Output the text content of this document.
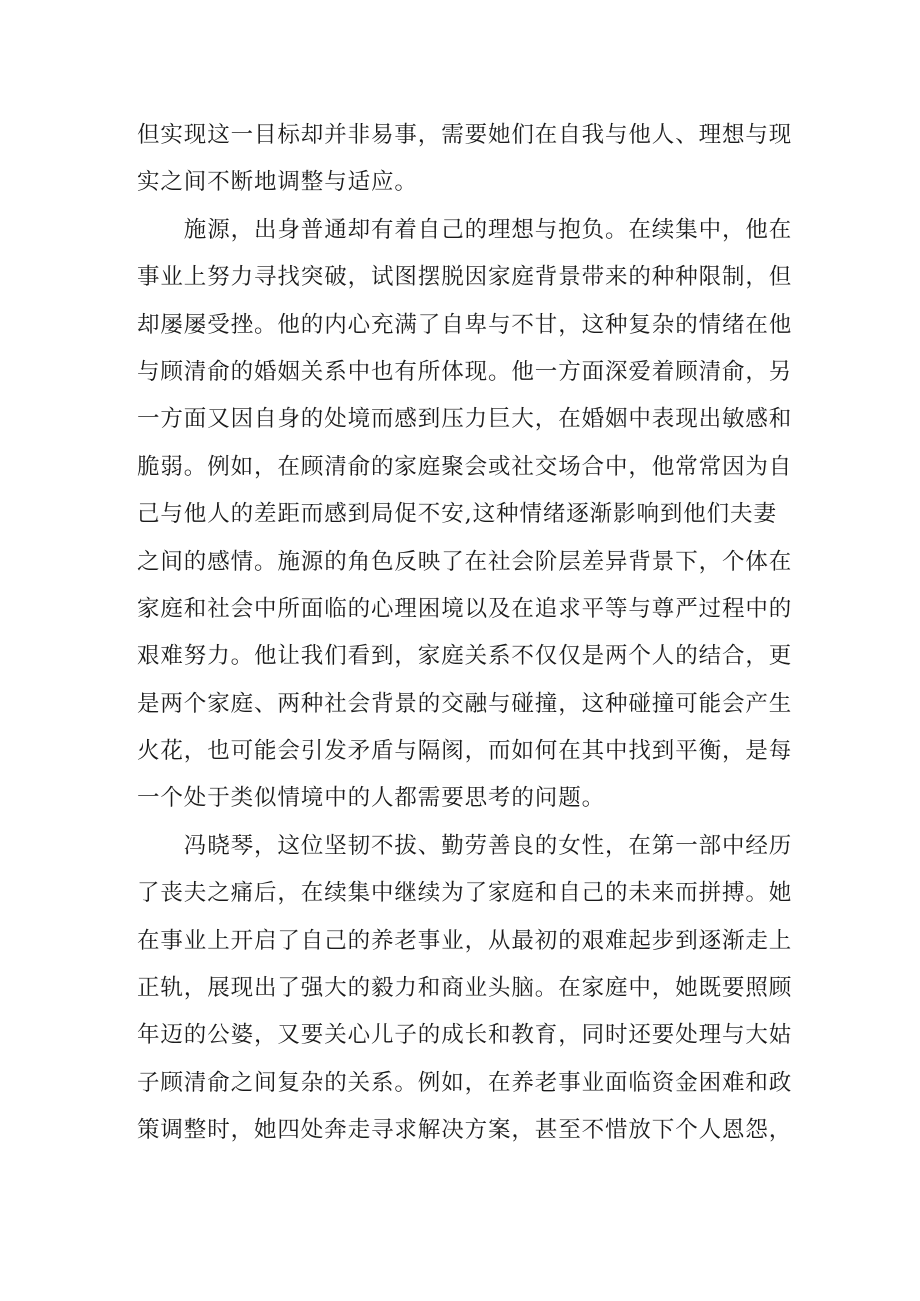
但实现这一目标却并非易事，需要她们在自我与他人、理想与现
实之间不断地调整与适应。
　　施源，出身普通却有着自己的理想与抱负。在续集中，他在
事业上努力寻找突破，试图摆脱因家庭背景带来的种种限制，但
却屡屡受挫。他的内心充满了自卑与不甘，这种复杂的情绪在他
与顾清俞的婚姻关系中也有所体现。他一方面深爱着顾清俞，另
一方面又因自身的处境而感到压力巨大，在婚姻中表现出敏感和
脆弱。例如，在顾清俞的家庭聚会或社交场合中，他常常因为自
己与他人的差距而感到局促不安,这种情绪逐渐影响到他们夫妻
之间的感情。施源的角色反映了在社会阶层差异背景下，个体在
家庭和社会中所面临的心理困境以及在追求平等与尊严过程中的
艰难努力。他让我们看到，家庭关系不仅仅是两个人的结合，更
是两个家庭、两种社会背景的交融与碰撞，这种碰撞可能会产生
火花，也可能会引发矛盾与隔阂，而如何在其中找到平衡，是每
一个处于类似情境中的人都需要思考的问题。
　　冯晓琴，这位坚韧不拔、勤劳善良的女性，在第一部中经历
了丧夫之痛后，在续集中继续为了家庭和自己的未来而拼搏。她
在事业上开启了自己的养老事业，从最初的艰难起步到逐渐走上
正轨，展现出了强大的毅力和商业头脑。在家庭中，她既要照顾
年迈的公婆，又要关心儿子的成长和教育，同时还要处理与大姑
子顾清俞之间复杂的关系。例如，在养老事业面临资金困难和政
策调整时，她四处奔走寻求解决方案，甚至不惜放下个人恩怨，
